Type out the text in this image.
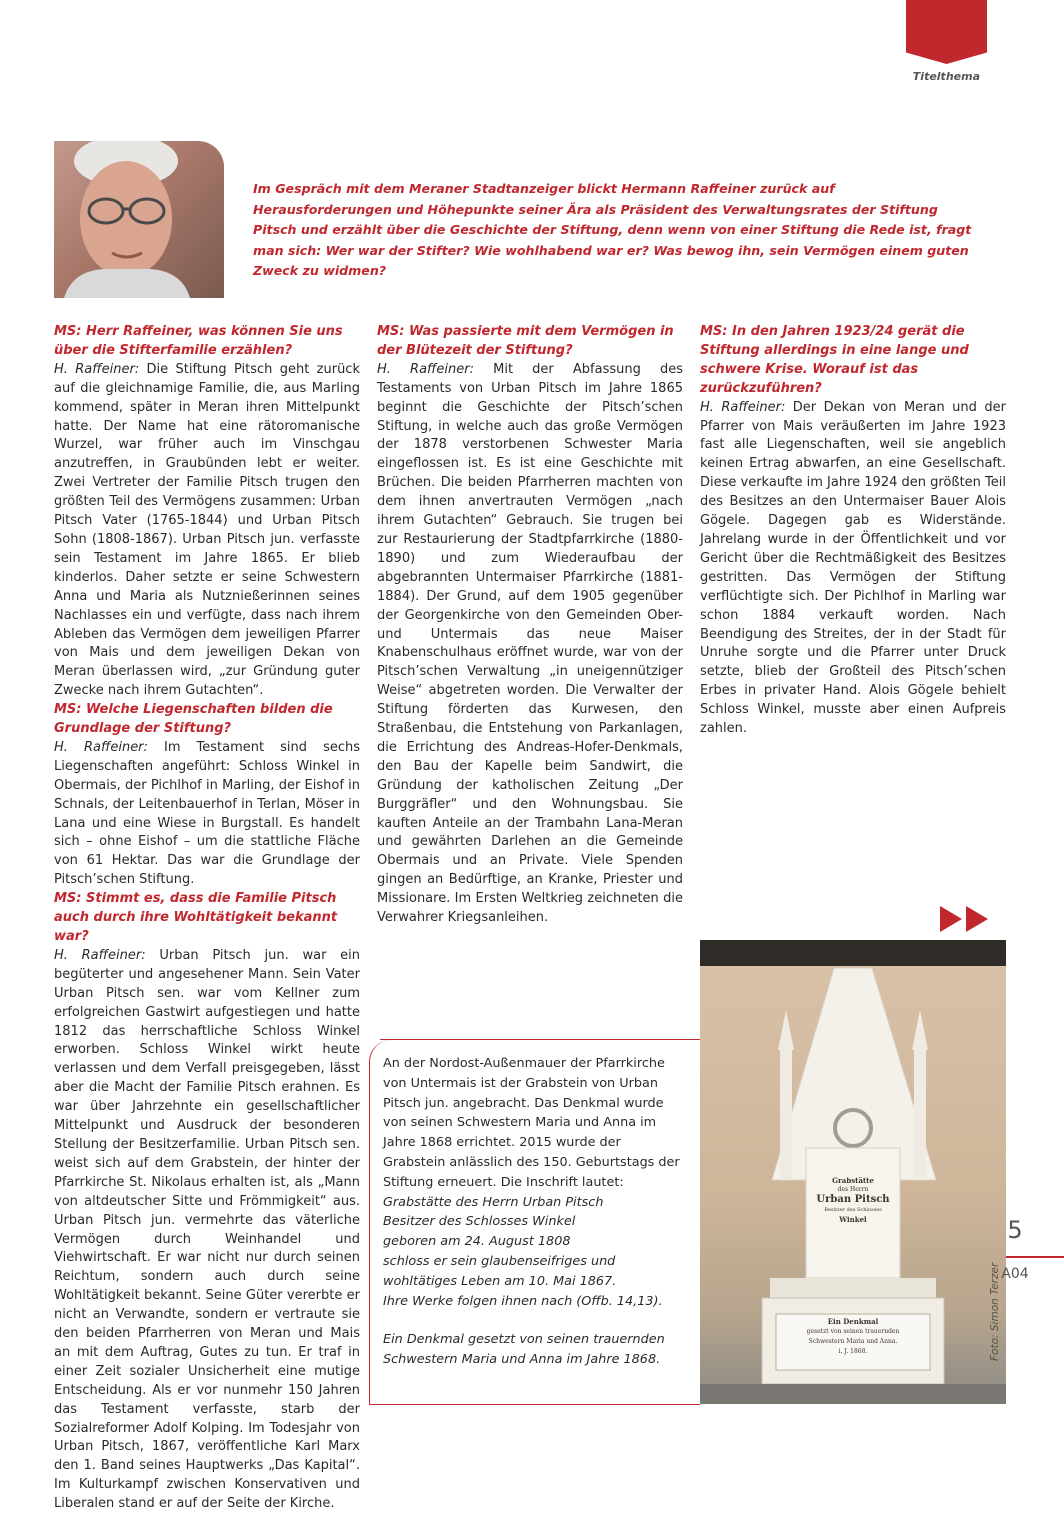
Titelthema

Im Gespräch mit dem Meraner Stadtanzeiger blickt Hermann Raffeiner zurück auf Herausforderungen und Höhepunkte seiner Ära als Präsident des Verwaltungsrates der Stiftung Pitsch und erzählt über die Geschichte der Stiftung, denn wenn von einer Stiftung die Rede ist, fragt man sich: Wer war der Stifter? Wie wohlhabend war er? Was bewog ihn, sein Vermögen einem guten Zweck zu widmen?

MS: Herr Raffeiner, was können Sie uns über die Stifterfamilie erzählen?

H. Raffeiner: Die Stiftung Pitsch geht zurück auf die gleichnamige Familie, die, aus Marling kommend, später in Meran ihren Mittelpunkt hatte. Der Name hat eine rätoromanische Wurzel, war früher auch im Vinschgau anzutreffen, in Graubünden lebt er weiter. Zwei Vertreter der Familie Pitsch trugen den größten Teil des Vermögens zusammen: Urban Pitsch Vater (1765-1844) und Urban Pitsch Sohn (1808-1867). Urban Pitsch jun. verfasste sein Testament im Jahre 1865. Er blieb kinderlos. Daher setzte er seine Schwestern Anna und Maria als Nutznießerinnen seines Nachlasses ein und verfügte, dass nach ihrem Ableben das Vermögen dem jeweiligen Pfarrer von Mais und dem jeweiligen Dekan von Meran überlassen wird, „zur Gründung guter Zwecke nach ihrem Gutachten“.

MS: Welche Liegenschaften bilden die Grundlage der Stiftung?

H. Raffeiner: Im Testament sind sechs Liegenschaften angeführt: Schloss Winkel in Obermais, der Pichlhof in Marling, der Eishof in Schnals, der Leitenbauerhof in Terlan, Möser in Lana und eine Wiese in Burgstall. Es handelt sich – ohne Eishof – um die stattliche Fläche von 61 Hektar. Das war die Grundlage der Pitsch’schen Stiftung.

MS: Stimmt es, dass die Familie Pitsch auch durch ihre Wohltätigkeit bekannt war?

H. Raffeiner: Urban Pitsch jun. war ein begüterter und angesehener Mann. Sein Vater Urban Pitsch sen. war vom Kellner zum erfolgreichen Gastwirt aufgestiegen und hatte 1812 das herrschaftliche Schloss Winkel erworben. Schloss Winkel wirkt heute verlassen und dem Verfall preisgegeben, lässt aber die Macht der Familie Pitsch erahnen. Es war über Jahrzehnte ein gesellschaftlicher Mittelpunkt und Ausdruck der besonderen Stellung der Besitzerfamilie. Urban Pitsch sen. weist sich auf dem Grabstein, der hinter der Pfarrkirche St. Nikolaus erhalten ist, als „Mann von altdeutscher Sitte und Frömmigkeit“ aus. Urban Pitsch jun. vermehrte das väterliche Vermögen durch Weinhandel und Viehwirtschaft. Er war nicht nur durch seinen Reichtum, sondern auch durch seine Wohltätigkeit bekannt. Seine Güter vererbte er nicht an Verwandte, sondern er vertraute sie den beiden Pfarrherren von Meran und Mais an mit dem Auftrag, Gutes zu tun. Er traf in einer Zeit sozialer Unsicherheit eine mutige Entscheidung. Als er vor nunmehr 150 Jahren das Testament verfasste, starb der Sozialreformer Adolf Kolping. Im Todesjahr von Urban Pitsch, 1867, veröffentliche Karl Marx den 1. Band seines Hauptwerks „Das Kapital“. Im Kulturkampf zwischen Konservativen und Liberalen stand er auf der Seite der Kirche.

MS: Was passierte mit dem Vermögen in der Blütezeit der Stiftung?

H. Raffeiner: Mit der Abfassung des Testaments von Urban Pitsch im Jahre 1865 beginnt die Geschichte der Pitsch’schen Stiftung, in welche auch das große Vermögen der 1878 verstorbenen Schwester Maria eingeflossen ist. Es ist eine Geschichte mit Brüchen. Die beiden Pfarrherren machten von dem ihnen anvertrauten Vermögen „nach ihrem Gutachten“ Gebrauch. Sie trugen bei zur Restaurierung der Stadtpfarrkirche (1880-1890) und zum Wiederaufbau der abgebrannten Untermaiser Pfarrkirche (1881-1884). Der Grund, auf dem 1905 gegenüber der Georgenkirche von den Gemeinden Ober- und Untermais das neue Maiser Knabenschulhaus eröffnet wurde, war von der Pitsch’schen Verwaltung „in uneigennütziger Weise“ abgetreten worden. Die Verwalter der Stiftung förderten das Kurwesen, den Straßenbau, die Entstehung von Parkanlagen, die Errichtung des Andreas-Hofer-Denkmals, den Bau der Kapelle beim Sandwirt, die Gründung der katholischen Zeitung „Der Burggräfler“ und den Wohnungsbau. Sie kauften Anteile an der Trambahn Lana-Meran und gewährten Darlehen an die Gemeinde Obermais und an Private. Viele Spenden gingen an Bedürftige, an Kranke, Priester und Missionare. Im Ersten Weltkrieg zeichneten die Verwahrer Kriegsanleihen.

MS: In den Jahren 1923/24 gerät die Stiftung allerdings in eine lange und schwere Krise. Worauf ist das zurückzuführen?

H. Raffeiner: Der Dekan von Meran und der Pfarrer von Mais veräußerten im Jahre 1923 fast alle Liegenschaften, weil sie angeblich keinen Ertrag abwarfen, an eine Gesellschaft. Diese verkaufte im Jahre 1924 den größten Teil des Besitzes an den Untermaiser Bauer Alois Gögele. Dagegen gab es Widerstände. Jahrelang wurde in der Öffentlichkeit und vor Gericht über die Rechtmäßigkeit des Besitzes gestritten. Das Vermögen der Stiftung verflüchtigte sich. Der Pichlhof in Marling war schon 1884 verkauft worden. Nach Beendigung des Streites, der in der Stadt für Unruhe sorgte und die Pfarrer unter Druck setzte, blieb der Großteil des Pitsch’schen Erbes in privater Hand. Alois Gögele behielt Schloss Winkel, musste aber einen Aufpreis zahlen.

Grabstätte
des Herrn
Urban Pitsch
Besitzer des Schlosses
Winkel
Ein Denkmal
gesetzt von seinen trauernden
Schwestern Maria und Anna.
i. J. 1868.	Foto: Simon Terzer
An der Nordost-Außenmauer der Pfarrkirche von Untermais ist der Grabstein von Urban Pitsch jun. angebracht. Das Denkmal wurde von seinen Schwestern Maria und Anna im Jahre 1868 errichtet. 2015 wurde der Grabstein anlässlich des 150. Geburtstags der Stiftung erneuert. Die Inschrift lautet:
Grabstätte des Herrn Urban Pitsch
Besitzer des Schlosses Winkel
geboren am 24. August 1808
schloss er sein glaubenseifriges und wohltätiges Leben am 10. Mai 1867.
Ihre Werke folgen ihnen nach (Offb. 14,13).
Ein Denkmal gesetzt von seinen trauernden Schwestern Maria und Anna im Jahre 1868.
5
A04
